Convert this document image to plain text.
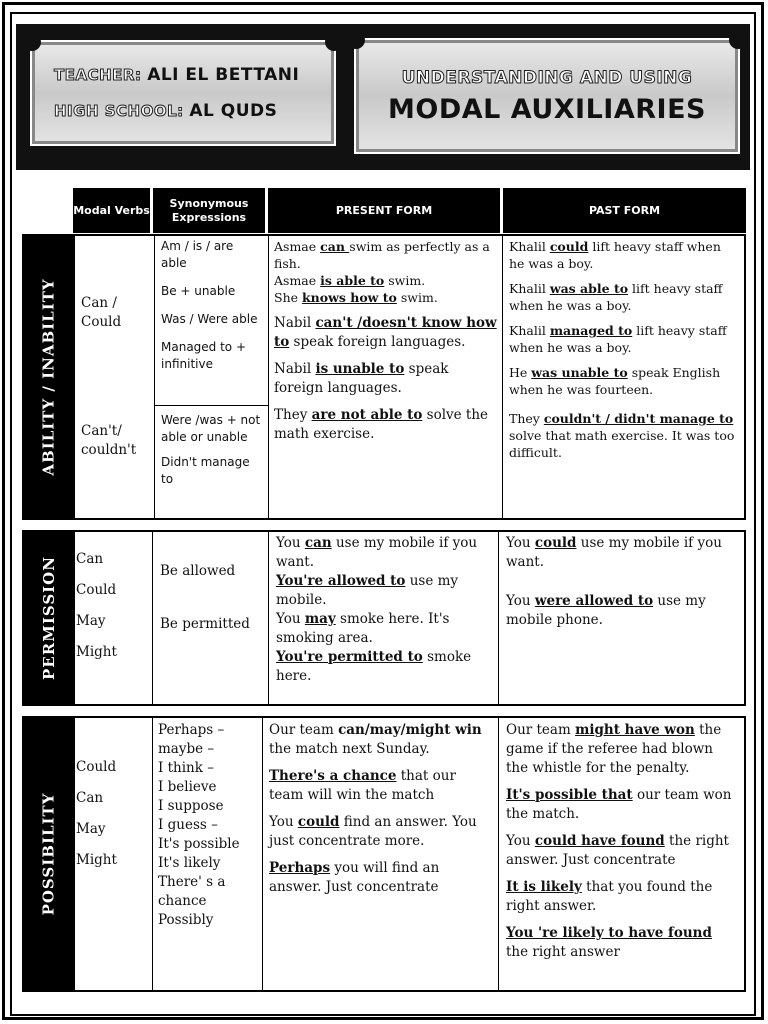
TEACHER: ALI EL BETTANI
HIGH SCHOOL: AL QUDS
UNDERSTANDING AND USING
MODAL AUXILIARIES
Modal Verbs
Synonymous Expressions
PRESENT FORM	PAST FORM
ABILITY / INABILITY Can /

Could

Can't/

couldn't

Am / is / are able

Be + unable

Was / Were able

Managed to + infinitive

Were /was + not able or unable

Didn't manage to

Asmae can swim as perfectly as a fish.

Asmae is able to swim.

She knows how to swim.

Nabil can't /doesn't know how to speak foreign languages.

Nabil is unable to speak foreign languages.

They are not able to solve the math exercise.

Khalil could lift heavy staff when he was a boy.

Khalil was able to lift heavy staff when he was a boy.

Khalil managed to lift heavy staff when he was a boy.

He was unable to speak English when he was fourteen.

They couldn't / didn't manage to solve that math exercise. It was too difficult.

PERMISSION Can

Could

May

Might

Be allowed

Be permitted

You can use my mobile if you want.

You're allowed to use my mobile.

You may smoke here. It's smoking area.

You're permitted to smoke here.

You could use my mobile if you want.

You were allowed to use my mobile phone.

POSSIBILITY

Could

Can

May

Might

Perhaps –

maybe –

I think –

I believe

I suppose

I guess –

It's possible

It's likely

There' s a chance

Possibly

Our team can/may/might win the match next Sunday.

There's a chance that our team will win the match

You could find an answer. You just concentrate more.

Perhaps you will find an answer. Just concentrate

Our team might have won the game if the referee had blown the whistle for the penalty.

It's possible that our team won the match.

You could have found the right answer. Just concentrate

It is likely that you found the right answer.

You 're likely to have found the right answer
